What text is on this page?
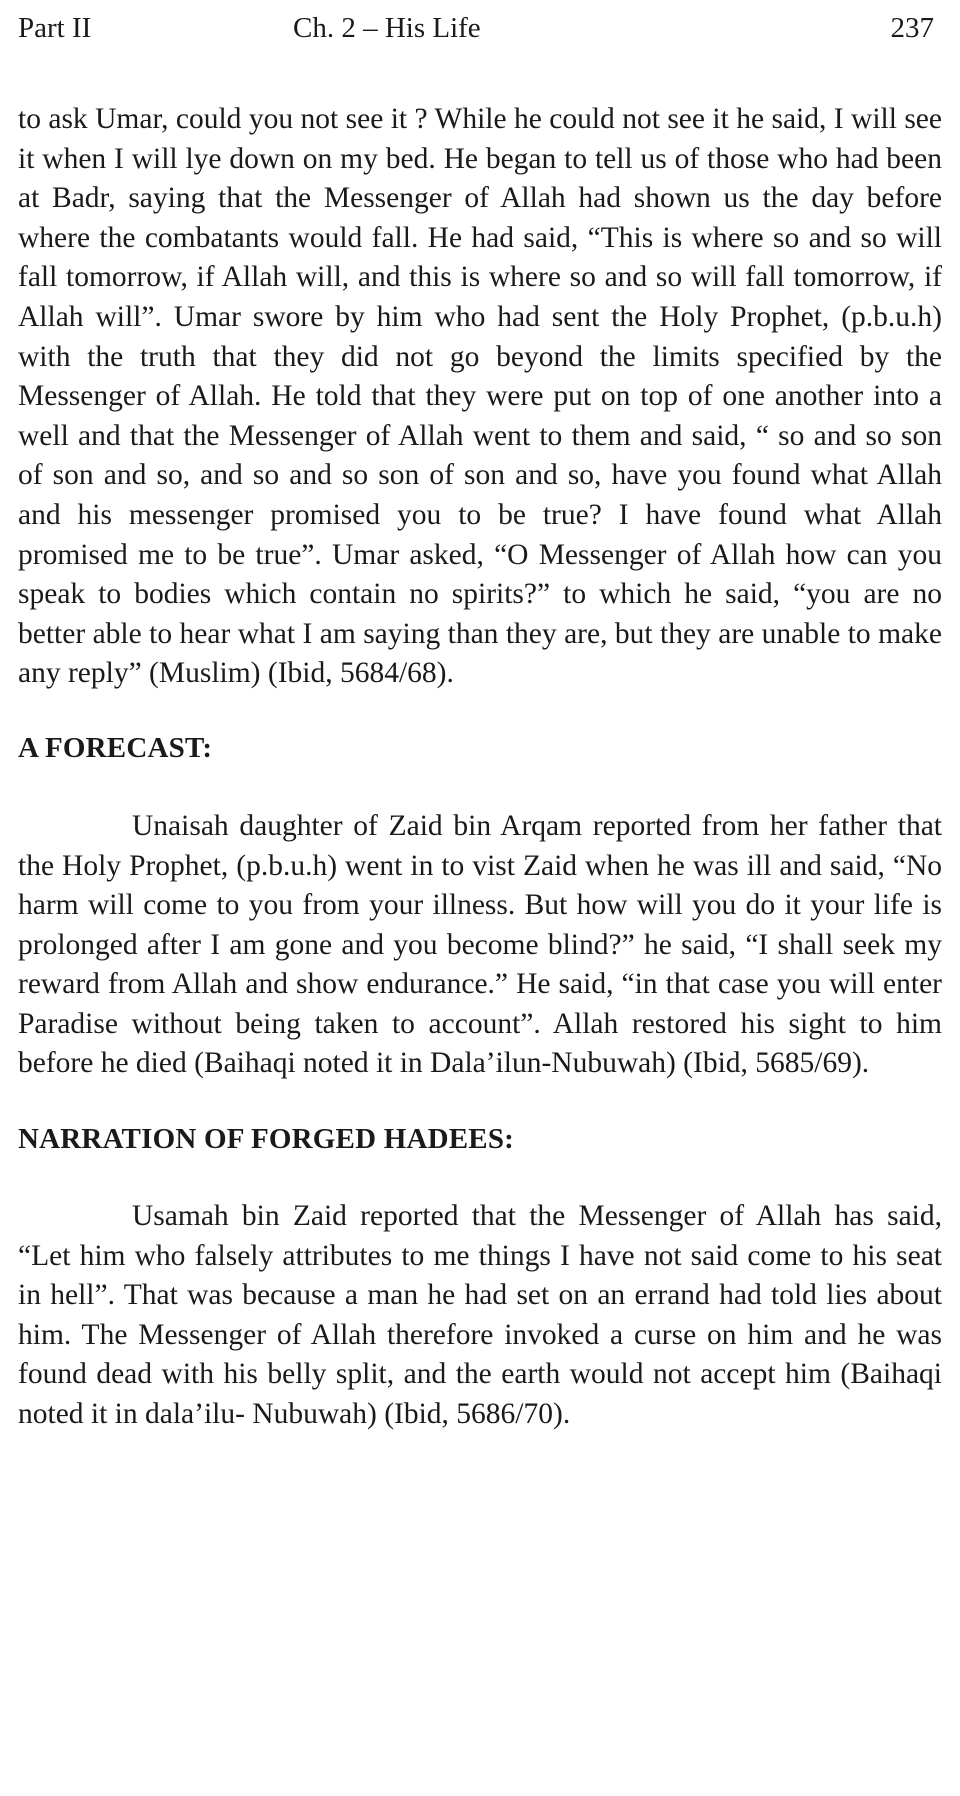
Part II	Ch. 2 – His Life	237

to ask Umar, could you not see it ? While he could not see it he said, I will see it when I will lye down on my bed. He began to tell us of those who had been at Badr, saying that the Messenger of Allah had shown us the day before where the combatants would fall. He had said, “This is where so and so will fall tomorrow, if Allah will, and this is where so and so will fall tomorrow, if Allah will”. Umar swore by him who had sent the Holy Prophet, (p.b.u.h) with the truth that they did not go beyond the limits specified by the Messenger of Allah. He told that they were put on top of one another into a well and that the Messenger of Allah went to them and said, “ so and so son of son and so, and so and so son of son and so, have you found what Allah and his messenger promised you to be true? I have found what Allah promised me to be true”. Umar asked, “O Messenger of Allah how can you speak to bodies which contain no spirits?” to which he said, “you are no better able to hear what I am saying than they are, but they are unable to make any reply” (Muslim) (Ibid, 5684/68).

A FORECAST:

Unaisah daughter of Zaid bin Arqam reported from her father that the Holy Prophet, (p.b.u.h) went in to vist Zaid when he was ill and said, “No harm will come to you from your illness. But how will you do it your life is prolonged after I am gone and you become blind?” he said, “I shall seek my reward from Allah and show endurance.” He said, “in that case you will enter Paradise without being taken to account”. Allah restored his sight to him before he died (Baihaqi noted it in Dala’ilun-Nubuwah) (Ibid, 5685/69).

NARRATION OF FORGED HADEES:

Usamah bin Zaid reported that the Messenger of Allah has said, “Let him who falsely attributes to me things I have not said come to his seat in hell”. That was because a man he had set on an errand had told lies about him. The Messenger of Allah therefore invoked a curse on him and he was found dead with his belly split, and the earth would not accept him (Baihaqi noted it in dala’ilu- Nubuwah) (Ibid, 5686/70).
